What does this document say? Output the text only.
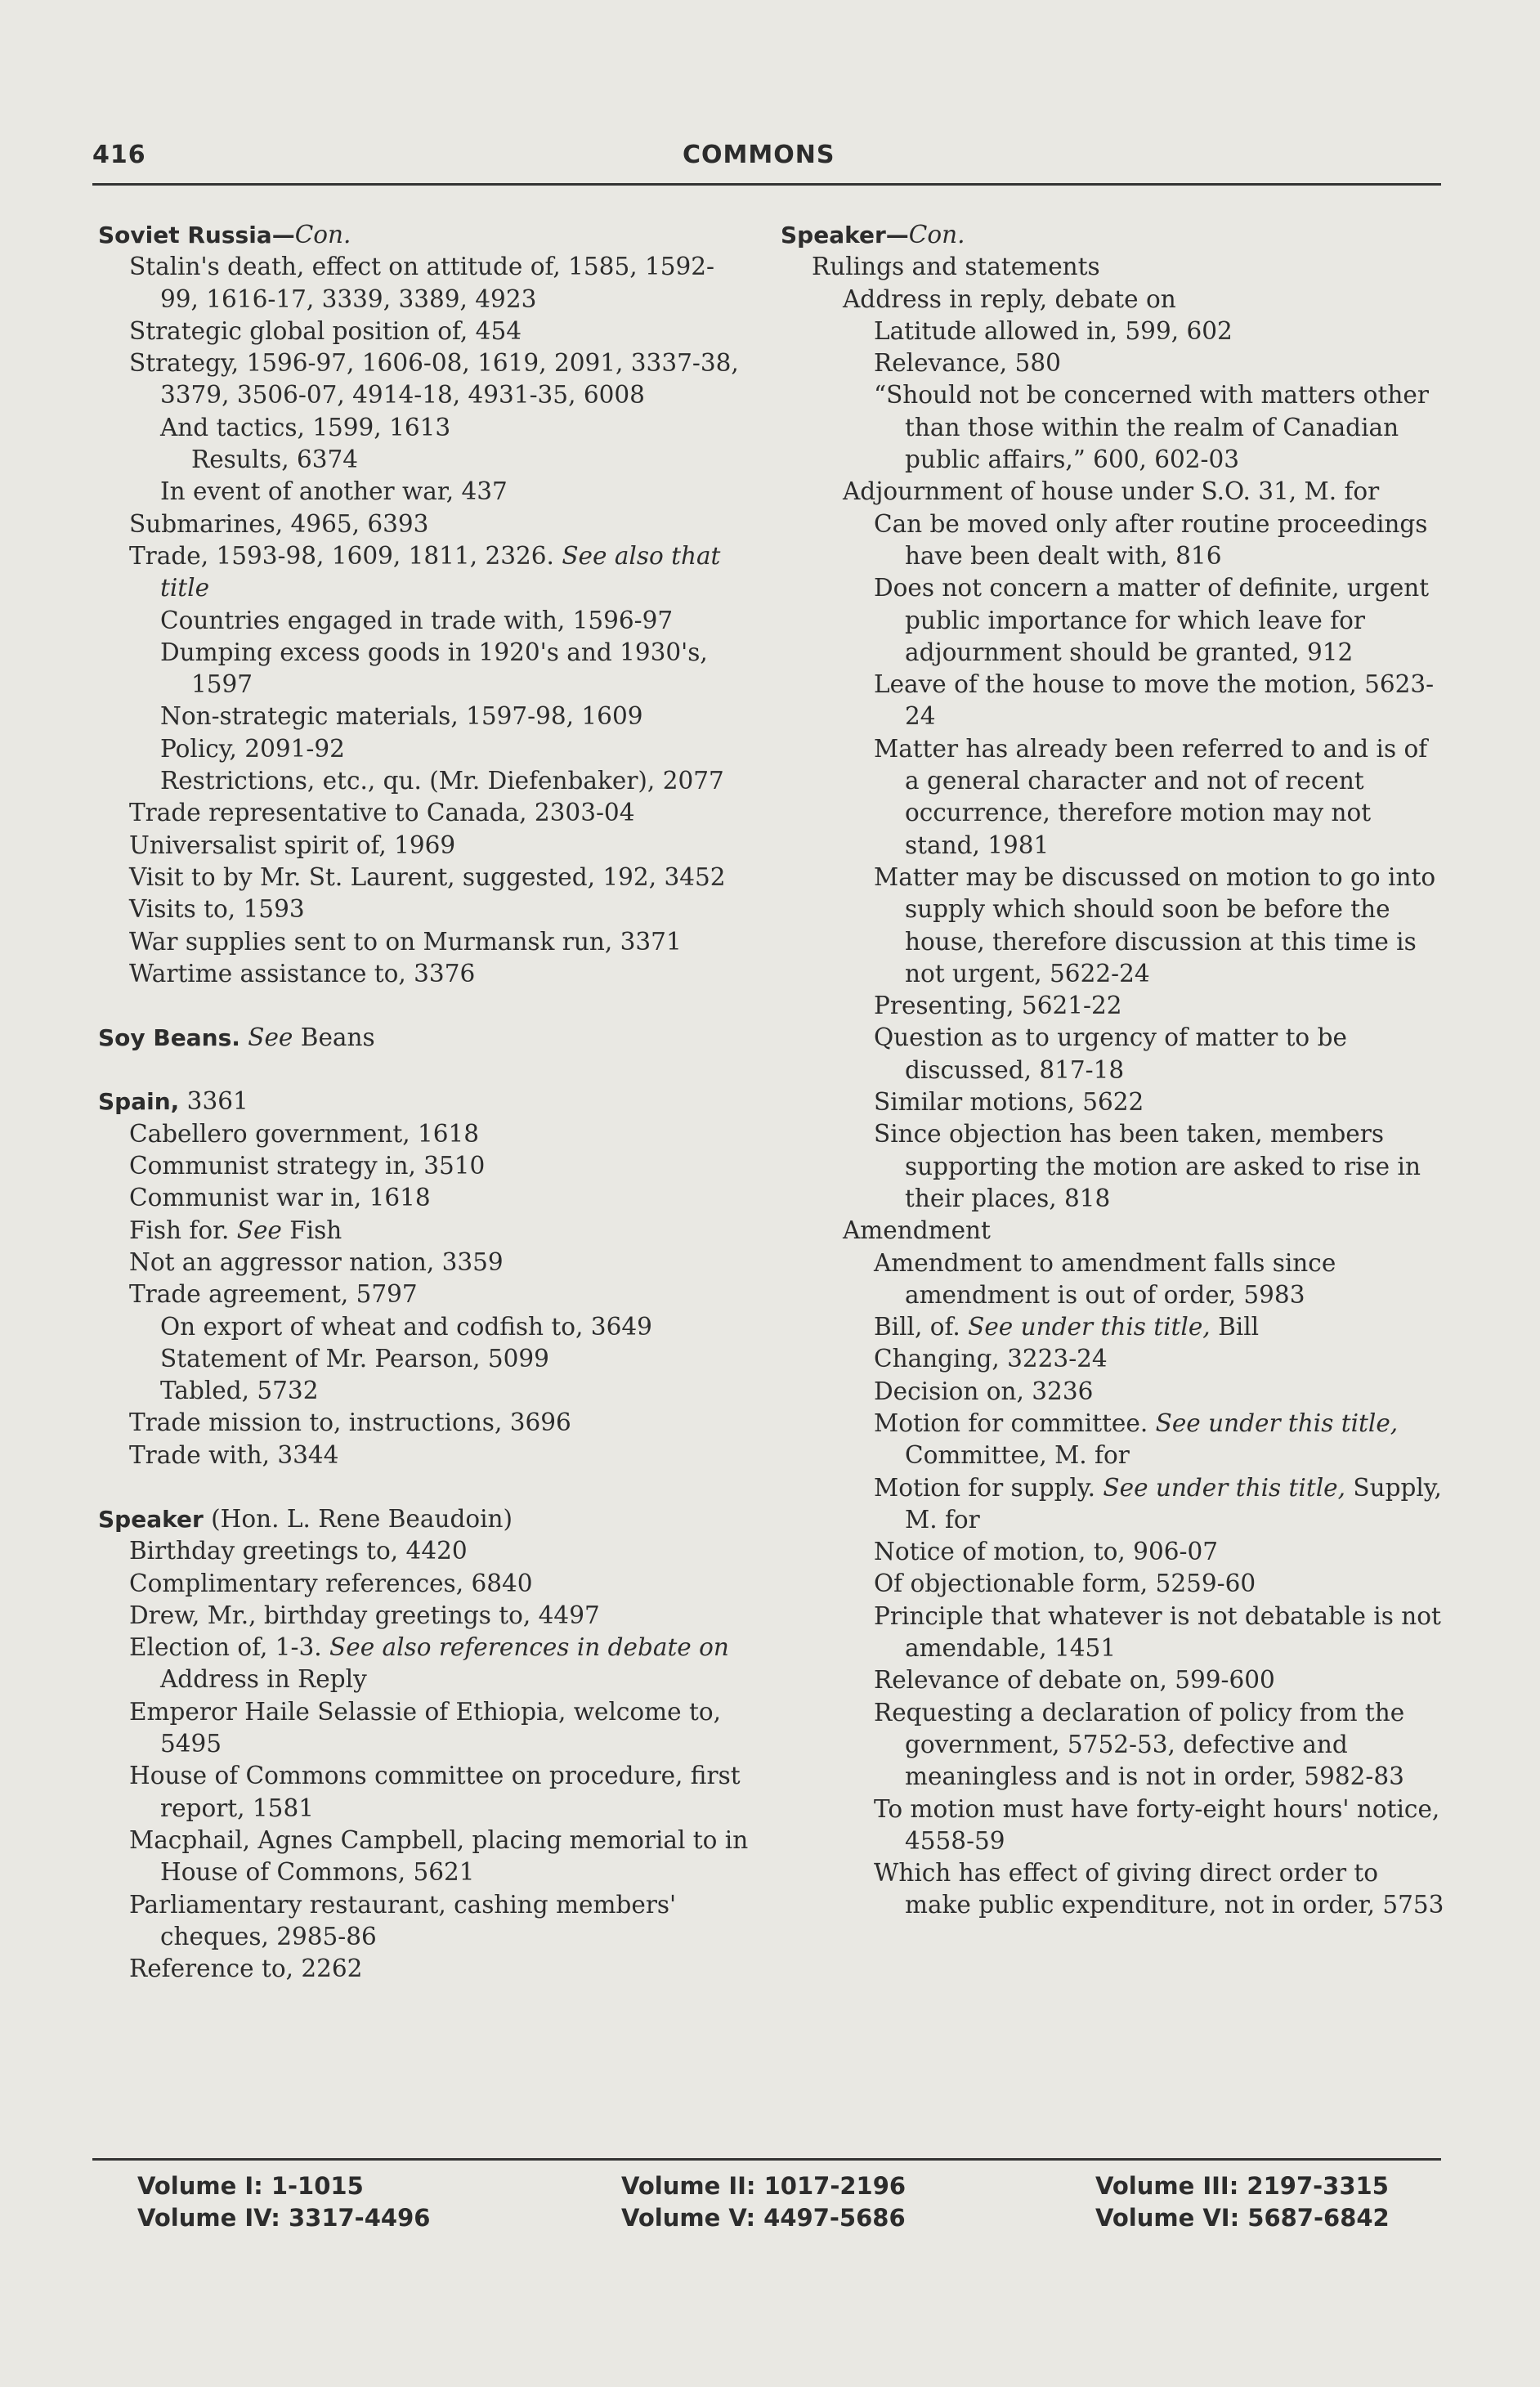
416	COMMONS
Soviet Russia—Con.
Stalin's death, effect on attitude of, 1585, 1592-99, 1616-17, 3339, 3389, 4923
Strategic global position of, 454
Strategy, 1596-97, 1606-08, 1619, 2091, 3337-38, 3379, 3506-07, 4914-18, 4931-35, 6008
And tactics, 1599, 1613
Results, 6374
In event of another war, 437
Submarines, 4965, 6393
Trade, 1593-98, 1609, 1811, 2326. See also that title
Countries engaged in trade with, 1596-97
Dumping excess goods in 1920's and 1930's, 1597
Non-strategic materials, 1597-98, 1609
Policy, 2091-92
Restrictions, etc., qu. (Mr. Diefenbaker), 2077
Trade representative to Canada, 2303-04
Universalist spirit of, 1969
Visit to by Mr. St. Laurent, suggested, 192, 3452
Visits to, 1593
War supplies sent to on Murmansk run, 3371
Wartime assistance to, 3376
Soy Beans. See Beans
Spain, 3361
Cabellero government, 1618
Communist strategy in, 3510
Communist war in, 1618
Fish for. See Fish
Not an aggressor nation, 3359
Trade agreement, 5797
On export of wheat and codfish to, 3649
Statement of Mr. Pearson, 5099
Tabled, 5732
Trade mission to, instructions, 3696
Trade with, 3344
Speaker (Hon. L. Rene Beaudoin)
Birthday greetings to, 4420
Complimentary references, 6840
Drew, Mr., birthday greetings to, 4497
Election of, 1-3. See also references in debate on Address in Reply
Emperor Haile Selassie of Ethiopia, welcome to, 5495
House of Commons committee on procedure, first report, 1581
Macphail, Agnes Campbell, placing memorial to in House of Commons, 5621
Parliamentary restaurant, cashing members' cheques, 2985-86
Reference to, 2262
Speaker—Con.
Rulings and statements
Address in reply, debate on
Latitude allowed in, 599, 602
Relevance, 580
“Should not be concerned with matters other than those within the realm of Canadian public affairs,” 600, 602-03
Adjournment of house under S.O. 31, M. for
Can be moved only after routine proceedings have been dealt with, 816
Does not concern a matter of definite, urgent public importance for which leave for adjournment should be granted, 912
Leave of the house to move the motion, 5623-24
Matter has already been referred to and is of a general character and not of recent occurrence, therefore motion may not stand, 1981
Matter may be discussed on motion to go into supply which should soon be before the house, therefore discussion at this time is not urgent, 5622-24
Presenting, 5621-22
Question as to urgency of matter to be discussed, 817-18
Similar motions, 5622
Since objection has been taken, members supporting the motion are asked to rise in their places, 818
Amendment
Amendment to amendment falls since amendment is out of order, 5983
Bill, of. See under this title, Bill
Changing, 3223-24
Decision on, 3236
Motion for committee. See under this title, Committee, M. for
Motion for supply. See under this title, Supply, M. for
Notice of motion, to, 906-07
Of objectionable form, 5259-60
Principle that whatever is not debatable is not amendable, 1451
Relevance of debate on, 599-600
Requesting a declaration of policy from the government, 5752-53, defective and meaningless and is not in order, 5982-83
To motion must have forty-eight hours' notice, 4558-59
Which has effect of giving direct order to make public expenditure, not in order, 5753
Volume I: 1-1015
Volume IV: 3317-4496
Volume II: 1017-2196
Volume V: 4497-5686
Volume III: 2197-3315
Volume VI: 5687-6842
